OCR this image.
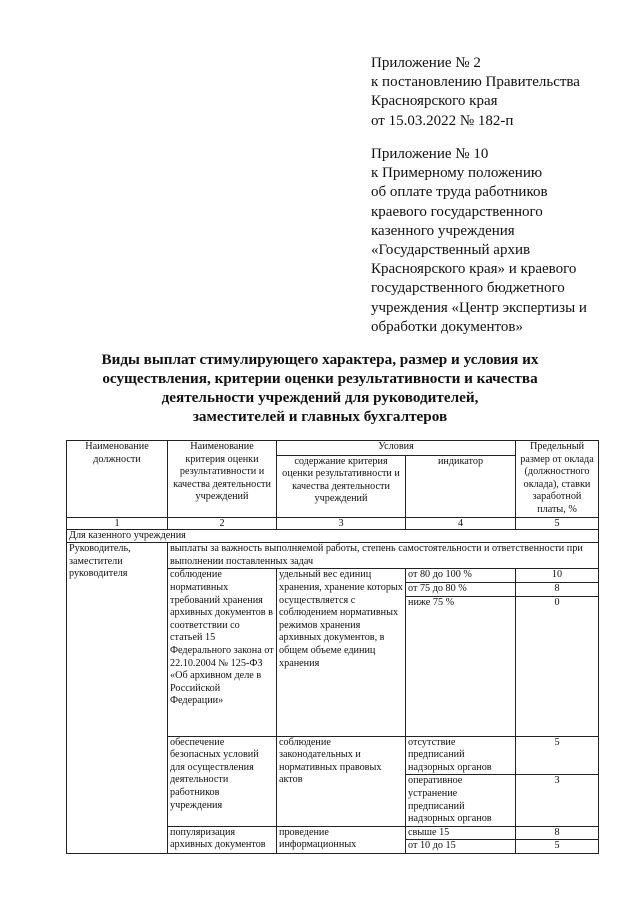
Приложение № 2
к постановлению Правительства
Красноярского края
от 15.03.2022 № 182-п
Приложение № 10
к Примерному положению
об оплате труда работников
краевого государственного
казенного учреждения
«Государственный архив
Красноярского края» и краевого
государственного бюджетного
учреждения «Центр экспертизы и
обработки документов»
Виды выплат стимулирующего характера, размер и условия их
осуществления, критерии оценки результативности и качества
деятельности учреждений для руководителей,
заместителей и главных бухгалтеров
Наименование должности	Наименование критерия оценки результативности и качества деятельности учреждений	Условия		Предельный размер от оклада (должностного оклада), ставки заработной платы, %
		содержание критерия оценки результативности и качества деятельности учреждений	индикатор	
1	2	3	4	5
Для казенного учреждения				
Руководитель, заместители руководителя	выплаты за важность выполняемой работы, степень самостоятельности и ответственности при выполнении поставленных задач			
	соблюдение нормативных требований хранения архивных документов в соответствии со статьей 15 Федерального закона от 22.10.2004 № 125-ФЗ «Об архивном деле в Российской Федерации»	удельный вес единиц хранения, хранение которых осуществляется с соблюдением нормативных режимов хранения архивных документов, в общем объеме единиц хранения	от 80 до 100 %	10
			от 75 до 80 %	8
			ниже 75 %	0
	обеспечение безопасных условий для осуществления деятельности работников учреждения	соблюдение законодательных и нормативных правовых актов	отсутствие предписаний надзорных органов	5
			оперативное устранение предписаний надзорных органов	3
	популяризация архивных документов	проведение информационных	свыше 15	8
			от 10 до 15	5
